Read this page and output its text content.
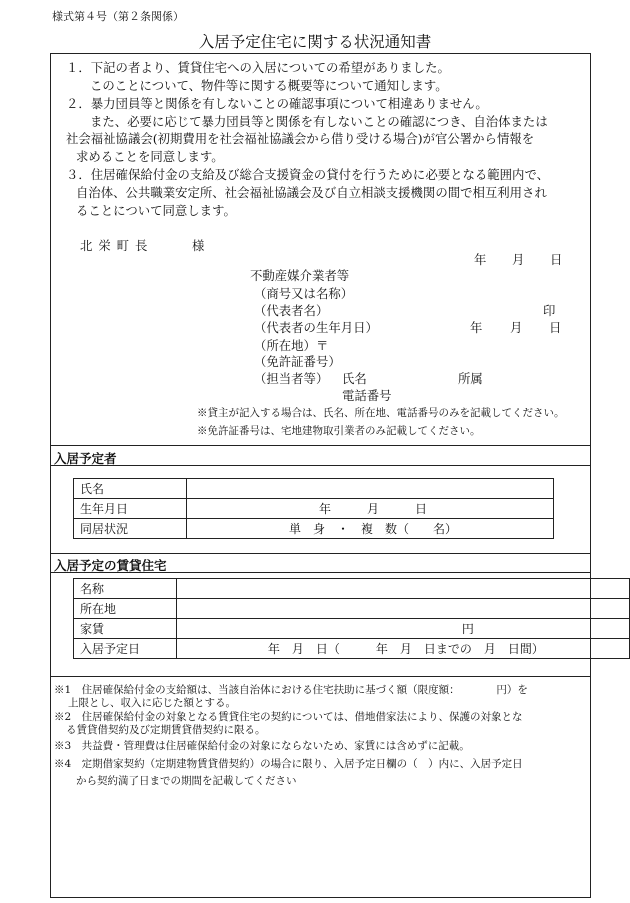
様式第４号（第２条関係）
入居予定住宅に関する状況通知書
１．下記の者より、賃貸住宅への入居についての希望がありました。
このことについて、物件等に関する概要等について通知します。
２．暴力団員等と関係を有しないことの確認事項について相違ありません。
また、必要に応じて暴力団員等と関係を有しないことの確認につき、自治体または
社会福祉協議会(初期費用を社会福祉協議会から借り受ける場合)が官公署から情報を
求めることを同意します。
３．住居確保給付金の支給及び総合支援資金の貸付を行うために必要となる範囲内で、
自治体、公共職業安定所、社会福祉協議会及び自立相談支援機関の間で相互利用され
ることについて同意します。
北 栄 町 長	様
年 月 日
不動産媒介業者等
（商号又は名称）
（代表者名）	印
（代表者の生年月日）	年 月 日
（所在地）〒
（免許証番号）
（担当者等） 氏名	所属
電話番号
※貸主が記入する場合は、氏名、所在地、電話番号のみを記載してください。
※免許証番号は、宅地建物取引業者のみ記載してください。
入居予定者
氏名	
生年月日	年　　　月　　　日
同居状況	単　身　・　複　数（　　名）
入居予定の賃貸住宅
名称	
所在地	
家賃	円
入居予定日	年　月　日（　　　年　月　日までの　月　日間）
※1　住居確保給付金の支給額は、当該自治体における住宅扶助に基づく額（限度額：　　　　円）を
上限とし、収入に応じた額とする。
※2　住居確保給付金の対象となる賃貸住宅の契約については、借地借家法により、保護の対象とな
る賃貸借契約及び定期賃貸借契約に限る。
※3　共益費・管理費は住居確保給付金の対象にならないため、家賃には含めずに記載。
※4　定期借家契約（定期建物賃貸借契約）の場合に限り、入居予定日欄の（　）内に、入居予定日
から契約満了日までの期間を記載してください
